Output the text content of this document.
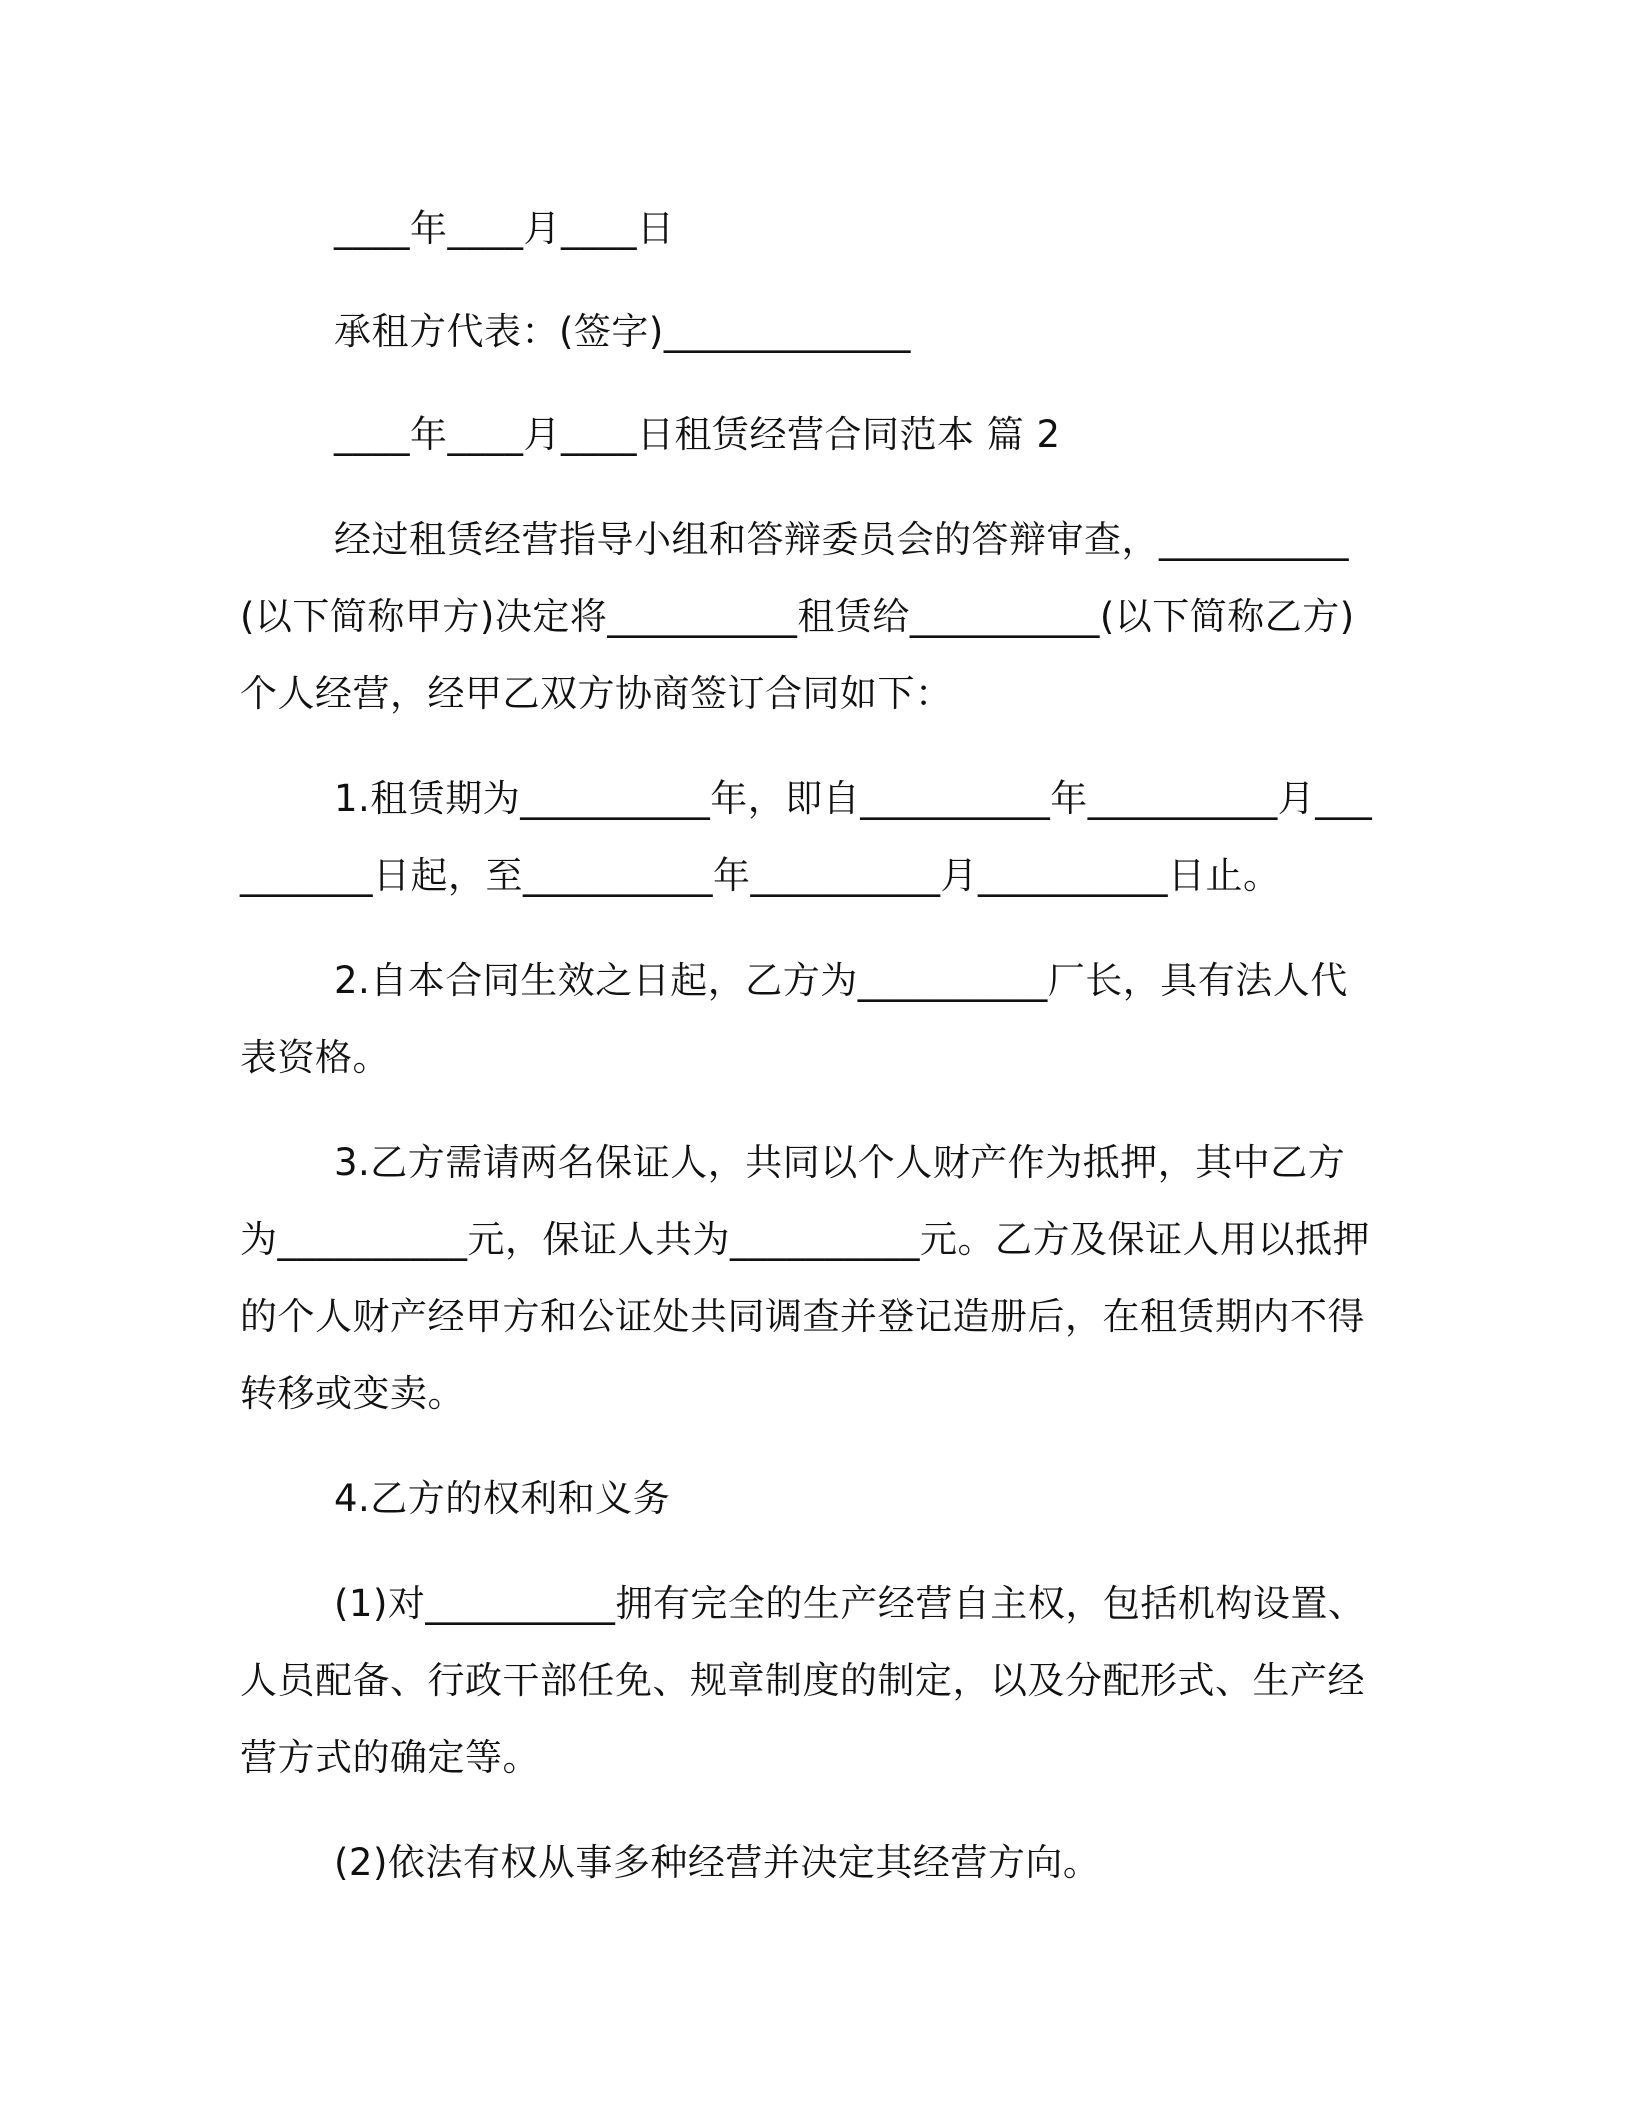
____年____月____日

承租方代表：(签字)_____________

____年____月____日租赁经营合同范本 篇 2

经过租赁经营指导小组和答辩委员会的答辩审查，__________(以下简称甲方)决定将__________租赁给__________(以下简称乙方)个人经营，经甲乙双方协商签订合同如下：

1.租赁期为__________年，即自__________年__________月__________日起，至__________年__________月__________日止。

2.自本合同生效之日起，乙方为__________厂长，具有法人代表资格。

3.乙方需请两名保证人，共同以个人财产作为抵押，其中乙方为__________元，保证人共为__________元。乙方及保证人用以抵押的个人财产经甲方和公证处共同调查并登记造册后，在租赁期内不得转移或变卖。

4.乙方的权利和义务

(1)对__________拥有完全的生产经营自主权，包括机构设置、人员配备、行政干部任免、规章制度的制定，以及分配形式、生产经营方式的确定等。

(2)依法有权从事多种经营并决定其经营方向。
